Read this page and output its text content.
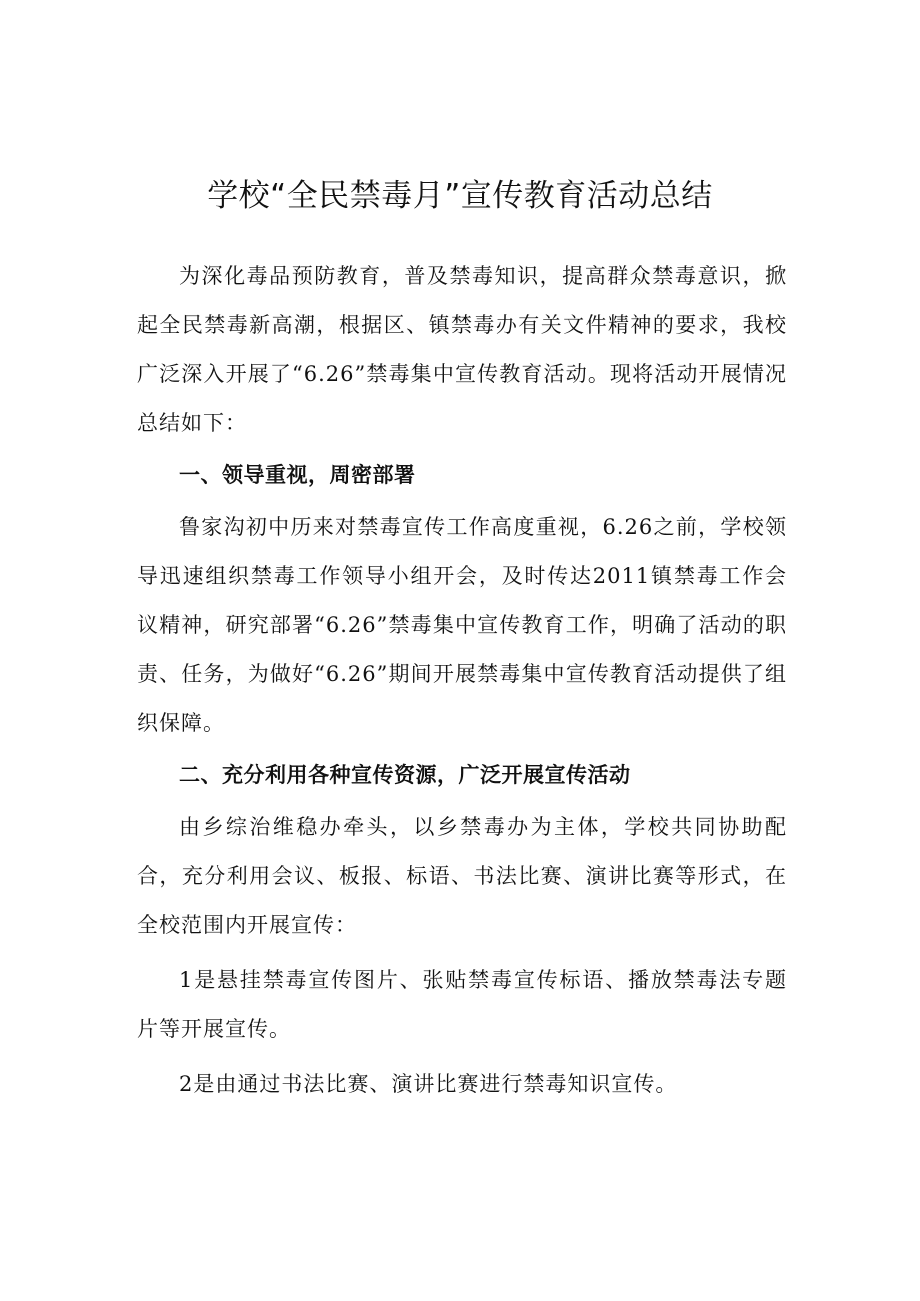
学校“全民禁毒月”宣传教育活动总结

为深化毒品预防教育，普及禁毒知识，提高群众禁毒意识，掀起全民禁毒新高潮，根据区、镇禁毒办有关文件精神的要求，我校广泛深入开展了“6.26”禁毒集中宣传教育活动。现将活动开展情况总结如下：

一、领导重视，周密部署

鲁家沟初中历来对禁毒宣传工作高度重视，6.26之前，学校领导迅速组织禁毒工作领导小组开会，及时传达2011镇禁毒工作会议精神，研究部署“6.26”禁毒集中宣传教育工作，明确了活动的职责、任务，为做好“6.26”期间开展禁毒集中宣传教育活动提供了组织保障。

二、充分利用各种宣传资源，广泛开展宣传活动

由乡综治维稳办牵头，以乡禁毒办为主体，学校共同协助配合，充分利用会议、板报、标语、书法比赛、演讲比赛等形式，在全校范围内开展宣传：

1是悬挂禁毒宣传图片、张贴禁毒宣传标语、播放禁毒法专题片等开展宣传。

2是由通过书法比赛、演讲比赛进行禁毒知识宣传。
